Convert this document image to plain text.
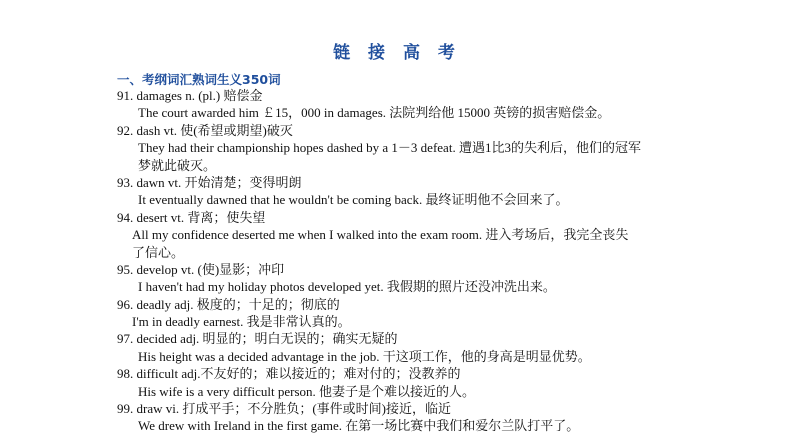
链 接 高 考
一、考纲词汇熟词生义350词
91. damages n. (pl.) 赔偿金
The court awarded him ￡15，000 in damages. 法院判给他 15000 英镑的损害赔偿金。
92. dash vt. 使(希望或期望)破灭
They had their championship hopes dashed by a 1－3 defeat. 遭遇1比3的失利后，他们的冠军
梦就此破灭。
93. dawn vt. 开始清楚；变得明朗
It eventually dawned that he wouldn't be coming back. 最终证明他不会回来了。
94. desert vt. 背离；使失望
All my confidence deserted me when I walked into the exam room. 进入考场后，我完全丧失
了信心。
95. develop vt. (使)显影；冲印
I haven't had my holiday photos developed yet. 我假期的照片还没冲洗出来。
96. deadly adj. 极度的；十足的；彻底的
I'm in deadly earnest. 我是非常认真的。
97. decided adj. 明显的；明白无误的；确实无疑的
His height was a decided advantage in the job. 干这项工作，他的身高是明显优势。
98. difficult adj.不友好的；难以接近的；难对付的；没教养的
His wife is a very difficult person. 他妻子是个难以接近的人。
99. draw vi. 打成平手；不分胜负；(事件或时间)接近，临近
We drew with Ireland in the first game. 在第一场比赛中我们和爱尔兰队打平了。
